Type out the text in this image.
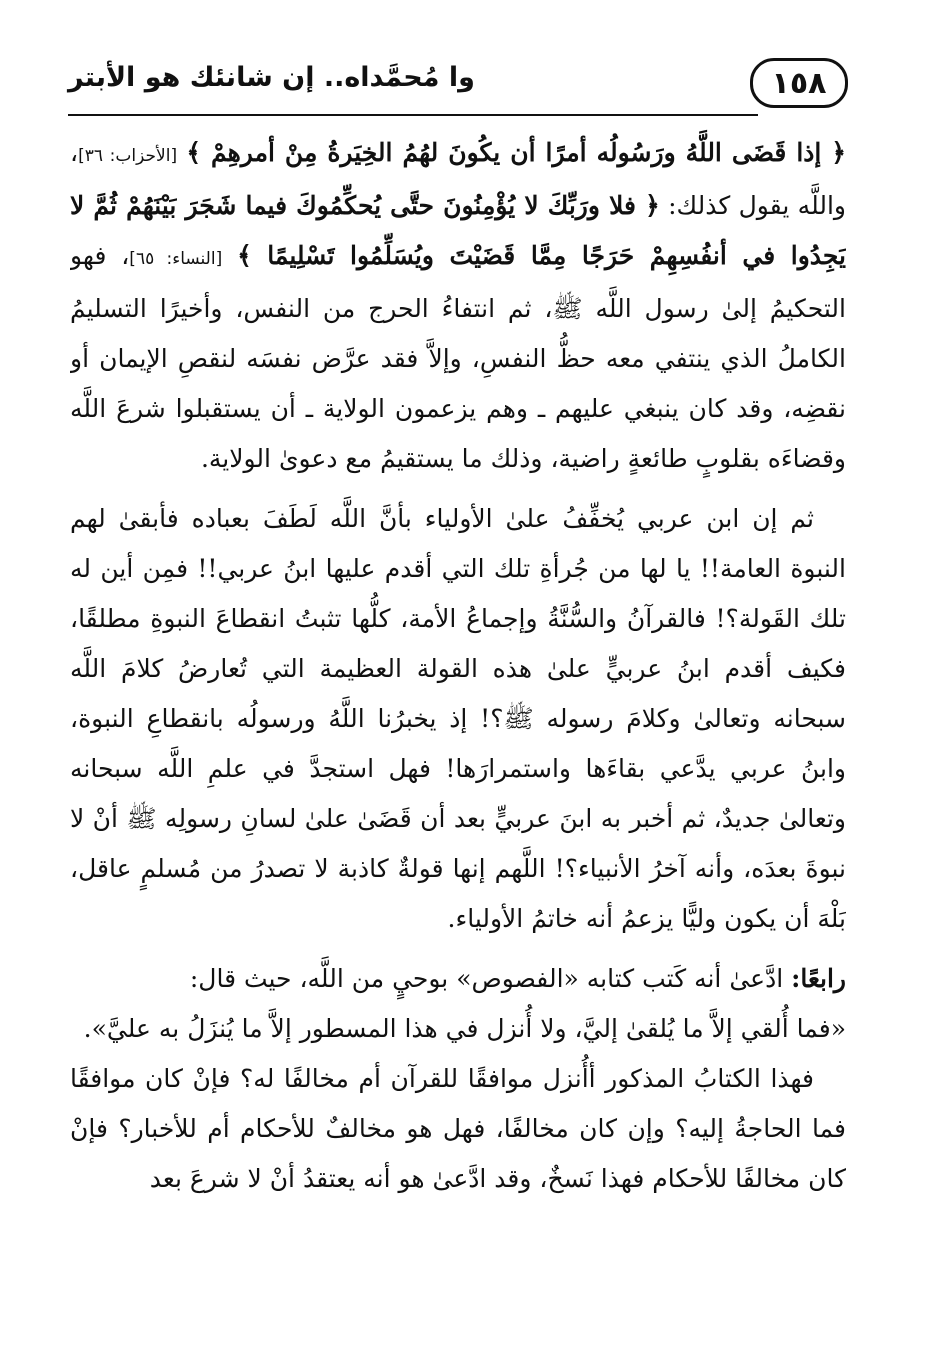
١٥٨
وا مُحمَّداه.. إن شانئك هو الأبتر

﴿ إذا قَضَى اللَّهُ ورَسُولُه أمرًا أن يكُونَ لهُمُ الخِيَرةُ مِنْ أمرهِمْ ﴾ [الأحزاب: ٣٦]، واللَّه يقول كذلك: ﴿ فلا ورَبِّكَ لا يُؤْمِنُونَ حتَّى يُحكِّمُوكَ فيما شَجَرَ بَيْنَهُمْ ثُمَّ لا يَجِدُوا في أنفُسِهِمْ حَرَجًا مِمَّا قَضَيْتَ ويُسَلِّمُوا تَسْلِيمًا ﴾ [النساء: ٦٥]، فهو التحكيمُ إلىٰ رسول اللَّه ﷺ، ثم انتفاءُ الحرج من النفس، وأخيرًا التسليمُ الكاملُ الذي ينتفي معه حظُّ النفسِ، وإلاَّ فقد عرَّض نفسَه لنقصِ الإيمان أو نقضِه، وقد كان ينبغي عليهم ـ وهم يزعمون الولاية ـ أن يستقبلوا شرعَ اللَّه وقضاءَه بقلوبٍ طائعةٍ راضية، وذلك ما يستقيمُ مع دعوىٰ الولاية.

ثم إن ابن عربي يُخفِّفُ علىٰ الأولياء بأنَّ اللَّه لَطَفَ بعباده فأبقىٰ لهم النبوة العامة!! يا لها من جُرأةِ تلك التي أقدم عليها ابنُ عربي!! فمِن أين له تلك القَولة؟! فالقرآنُ والسُّنَّةُ وإجماعُ الأمة، كلُّها تثبتُ انقطاعَ النبوةِ مطلقًا، فكيف أقدم ابنُ عربيٍّ علىٰ هذه القولة العظيمة التي تُعارضُ كلامَ اللَّه سبحانه وتعالىٰ وكلامَ رسوله ﷺ؟! إذ يخبرُنا اللَّهُ ورسولُه بانقطاعِ النبوة، وابنُ عربي يدَّعي بقاءَها واستمرارَها! فهل استجدَّ في علمِ اللَّه سبحانه وتعالىٰ جديدٌ، ثم أخبر به ابنَ عربيٍّ بعد أن قَضَىٰ علىٰ لسانِ رسولِه ﷺ أنْ لا نبوةَ بعدَه، وأنه آخرُ الأنبياء؟! اللَّهم إنها قولةٌ كاذبة لا تصدرُ من مُسلمٍ عاقل، بَلْهَ أن يكون وليًّا يزعمُ أنه خاتمُ الأولياء.

رابعًا: ادَّعىٰ أنه كَتب كتابه «الفصوص» بوحيٍ من اللَّه، حيث قال:

«فما أُلقي إلاَّ ما يُلقىٰ إليَّ، ولا أُنزل في هذا المسطور إلاَّ ما يُنزَلُ به عليَّ».

فهذا الكتابُ المذكور أأُنزل موافقًا للقرآن أم مخالفًا له؟ فإنْ كان موافقًا فما الحاجةُ إليه؟ وإن كان مخالفًا، فهل هو مخالفٌ للأحكام أم للأخبار؟ فإنْ كان مخالفًا للأحكام فهذا نَسخٌ، وقد ادَّعىٰ هو أنه يعتقدُ أنْ لا شرعَ بعد
